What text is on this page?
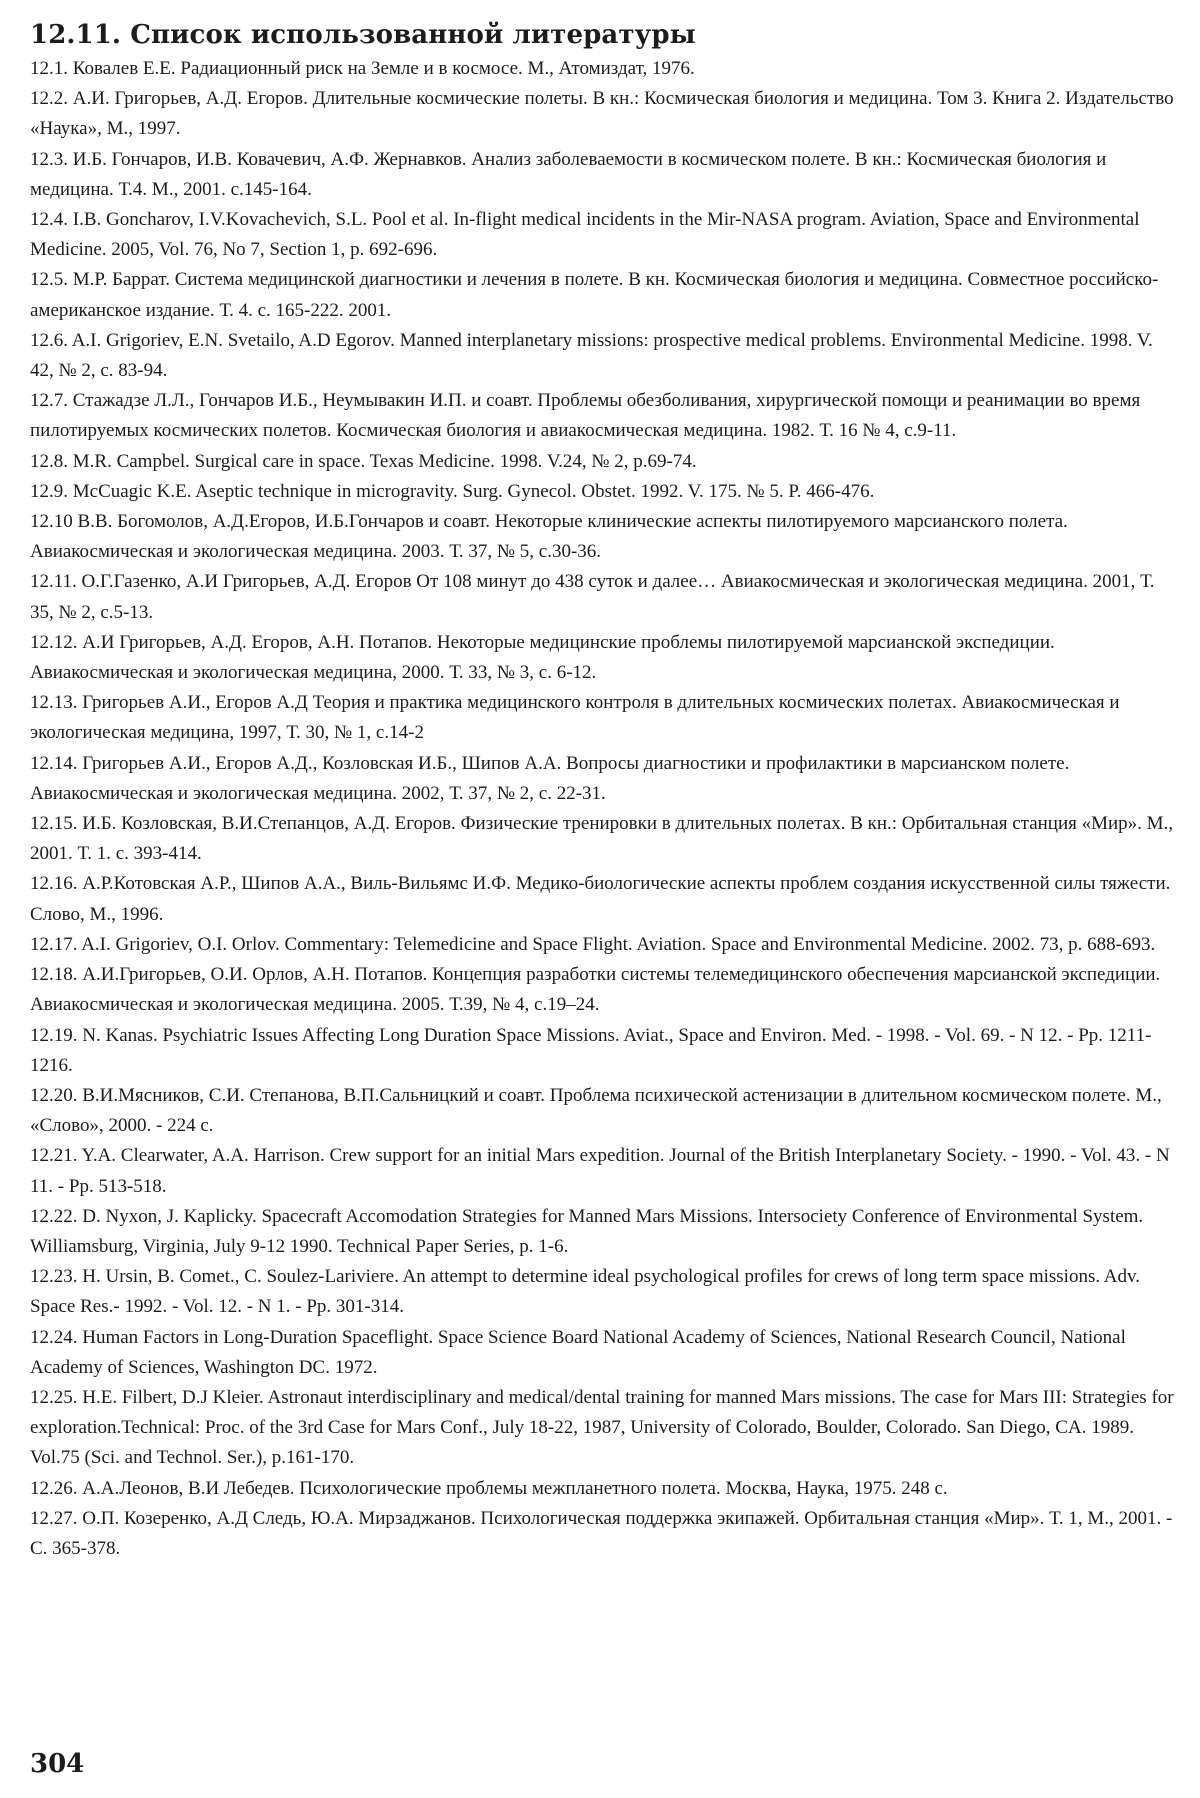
12.11. Список использованной литературы
12.1. Ковалев Е.Е. Радиационный риск на Земле и в космосе. М., Атомиздат, 1976.
12.2. А.И. Григорьев, А.Д. Егоров. Длительные космические полеты. В кн.: Космическая биология и медицина. Том 3. Книга 2. Издательство «Наука», М., 1997.
12.3. И.Б. Гончаров, И.В. Ковачевич, А.Ф. Жернавков. Анализ заболеваемости в космическом полете. В кн.: Космическая биология и медицина. Т.4. М., 2001. с.145-164.
12.4. I.B. Goncharov, I.V.Kovachevich, S.L. Pool et al. In-flight medical incidents in the Mir-NASA program. Aviation, Space and Environmental Medicine. 2005, Vol. 76, No 7, Section 1, p. 692-696.
12.5. М.Р. Баррат. Система медицинской диагностики и лечения в полете. В кн. Космическая биология и медицина. Совместное российско-американское издание. Т. 4. с. 165-222. 2001.
12.6. A.I. Grigoriev, E.N. Svetailo, A.D Egorov. Manned interplanetary missions: prospective medical problems. Environmental Medicine. 1998. V. 42, № 2, c. 83-94.
12.7. Стажадзе Л.Л., Гончаров И.Б., Неумывакин И.П. и соавт. Проблемы обезболивания, хирургической помощи и реанимации во время пилотируемых космических полетов. Космическая биология и авиакосмическая медицина. 1982. Т. 16 № 4, с.9-11.
12.8. M.R. Campbel. Surgical care in space. Texas Medicine. 1998. V.24, № 2, p.69-74.
12.9. McCuagic K.E. Aseptic technique in microgravity. Surg. Gynecol. Obstet. 1992. V. 175. № 5. P. 466-476.
12.10 В.В. Богомолов, А.Д.Егоров, И.Б.Гончаров и соавт. Некоторые клинические аспекты пилотируемого марсианского полета. Авиакосмическая и экологическая медицина. 2003. Т. 37, № 5, с.30-36.
12.11. О.Г.Газенко, А.И Григорьев, А.Д. Егоров От 108 минут до 438 суток и далее… Авиакосмическая и экологическая медицина. 2001, Т. 35, № 2, с.5-13.
12.12. А.И Григорьев, А.Д. Егоров, А.Н. Потапов. Некоторые медицинские проблемы пилотируемой марсианской экспедиции. Авиакосмическая и экологическая медицина, 2000. Т. 33, № 3, с. 6-12.
12.13. Григорьев А.И., Егоров А.Д Теория и практика медицинского контроля в длительных космических полетах. Авиакосмическая и экологическая медицина, 1997, Т. 30, № 1, с.14-2
12.14. Григорьев А.И., Егоров А.Д., Козловская И.Б., Шипов А.А. Вопросы диагностики и профилактики в марсианском полете. Авиакосмическая и экологическая медицина. 2002, Т. 37, № 2, с. 22-31.
12.15. И.Б. Козловская, В.И.Степанцов, А.Д. Егоров. Физические тренировки в длительных полетах. В кн.: Орбитальная станция «Мир». М., 2001. Т. 1. с. 393-414.
12.16. А.Р.Котовская А.Р., Шипов А.А., Виль-Вильямс И.Ф. Медико-биологические аспекты проблем создания искусственной силы тяжести. Слово, М., 1996.
12.17. A.I. Grigoriev, O.I. Orlov. Commentary: Telemedicine and Space Flight. Aviation. Space and Environmental Medicine. 2002. 73, p. 688-693.
12.18. А.И.Григорьев, О.И. Орлов, А.Н. Потапов. Концепция разработки системы телемедицинского обеспечения марсианской экспедиции. Авиакосмическая и экологическая медицина. 2005. Т.39, № 4, с.19–24.
12.19. N. Kanas. Psychiatric Issues Affecting Long Duration Space Missions. Aviat., Space and Environ. Med. - 1998. - Vol. 69. - N 12. - Pp. 1211-1216.
12.20. В.И.Мясников, С.И. Степанова, В.П.Сальницкий и соавт. Проблема психической астенизации в длительном космическом полете. М., «Слово», 2000. - 224 с.
12.21. Y.A. Clearwater, A.A. Harrison. Crew support for an initial Mars expedition. Journal of the British Interplanetary Society. - 1990. - Vol. 43. - N 11. - Pp. 513-518.
12.22. D. Nyxon, J. Kaplicky. Spacecraft Accomodation Strategies for Manned Mars Missions. Intersociety Conference of Environmental System. Williamsburg, Virginia, July 9-12 1990. Technical Paper Series, p. 1-6.
12.23. H. Ursin, B. Comet., C. Soulez-Lariviere. An attempt to determine ideal psychological profiles for crews of long term space missions. Adv. Space Res.- 1992. - Vol. 12. - N 1. - Pp. 301-314.
12.24. Human Factors in Long-Duration Spaceflight. Space Science Board National Academy of Sciences, National Research Council, National Academy of Sciences, Washington DC. 1972.
12.25. H.E. Filbert, D.J Kleier. Astronaut interdisciplinary and medical/dental training for manned Mars missions. The case for Mars III: Strategies for exploration.Technical: Proc. of the 3rd Case for Mars Conf., July 18-22, 1987, University of Colorado, Boulder, Colorado. San Diego, CA. 1989. Vol.75 (Sci. and Technol. Ser.), p.161-170.
12.26. А.А.Леонов, В.И Лебедев. Психологические проблемы межпланетного полета. Москва, Наука, 1975. 248 с.
12.27. О.П. Козеренко, А.Д Следь, Ю.А. Мирзаджанов. Психологическая поддержка экипажей. Орбитальная станция «Мир». Т. 1, М., 2001. - С. 365-378.
304
